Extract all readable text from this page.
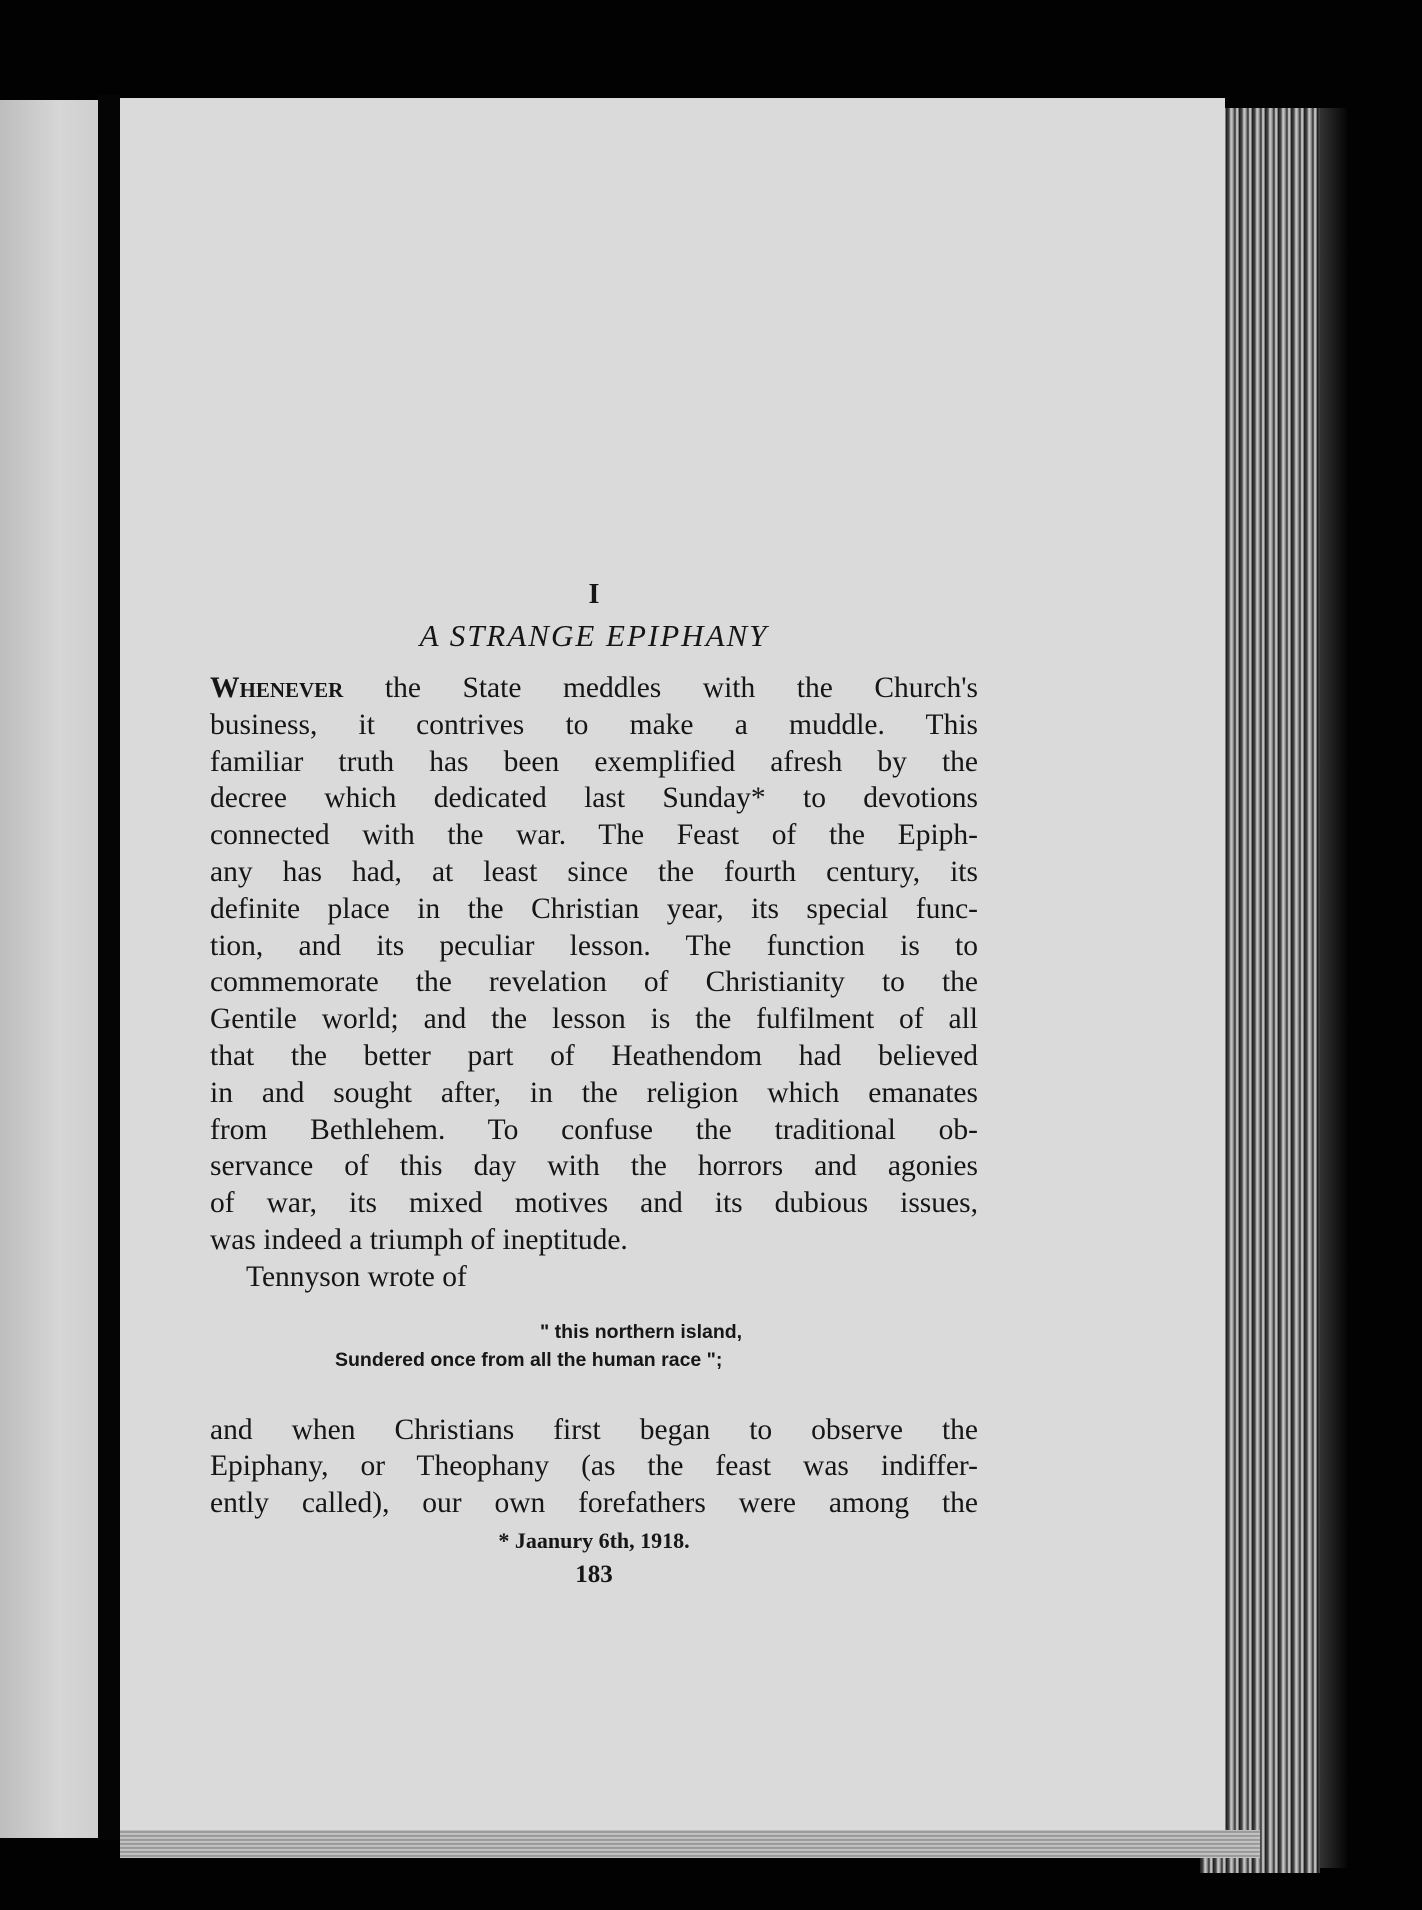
I
A STRANGE EPIPHANY
Whenever the State meddles with the Church's
business, it contrives to make a muddle. This
familiar truth has been exemplified afresh by the
decree which dedicated last Sunday* to devotions
connected with the war. The Feast of the Epiph-
any has had, at least since the fourth century, its
definite place in the Christian year, its special func-
tion, and its peculiar lesson. The function is to
commemorate the revelation of Christianity to the
Gentile world; and the lesson is the fulfilment of all
that the better part of Heathendom had believed
in and sought after, in the religion which emanates
from Bethlehem. To confuse the traditional ob-
servance of this day with the horrors and agonies
of war, its mixed motives and its dubious issues,
was indeed a triumph of ineptitude.
Tennyson wrote of
" this northern island,
Sundered once from all the human race ";
and when Christians first began to observe the
Epiphany, or Theophany (as the feast was indiffer-
ently called), our own forefathers were among the
* Jaanury 6th, 1918.
183
